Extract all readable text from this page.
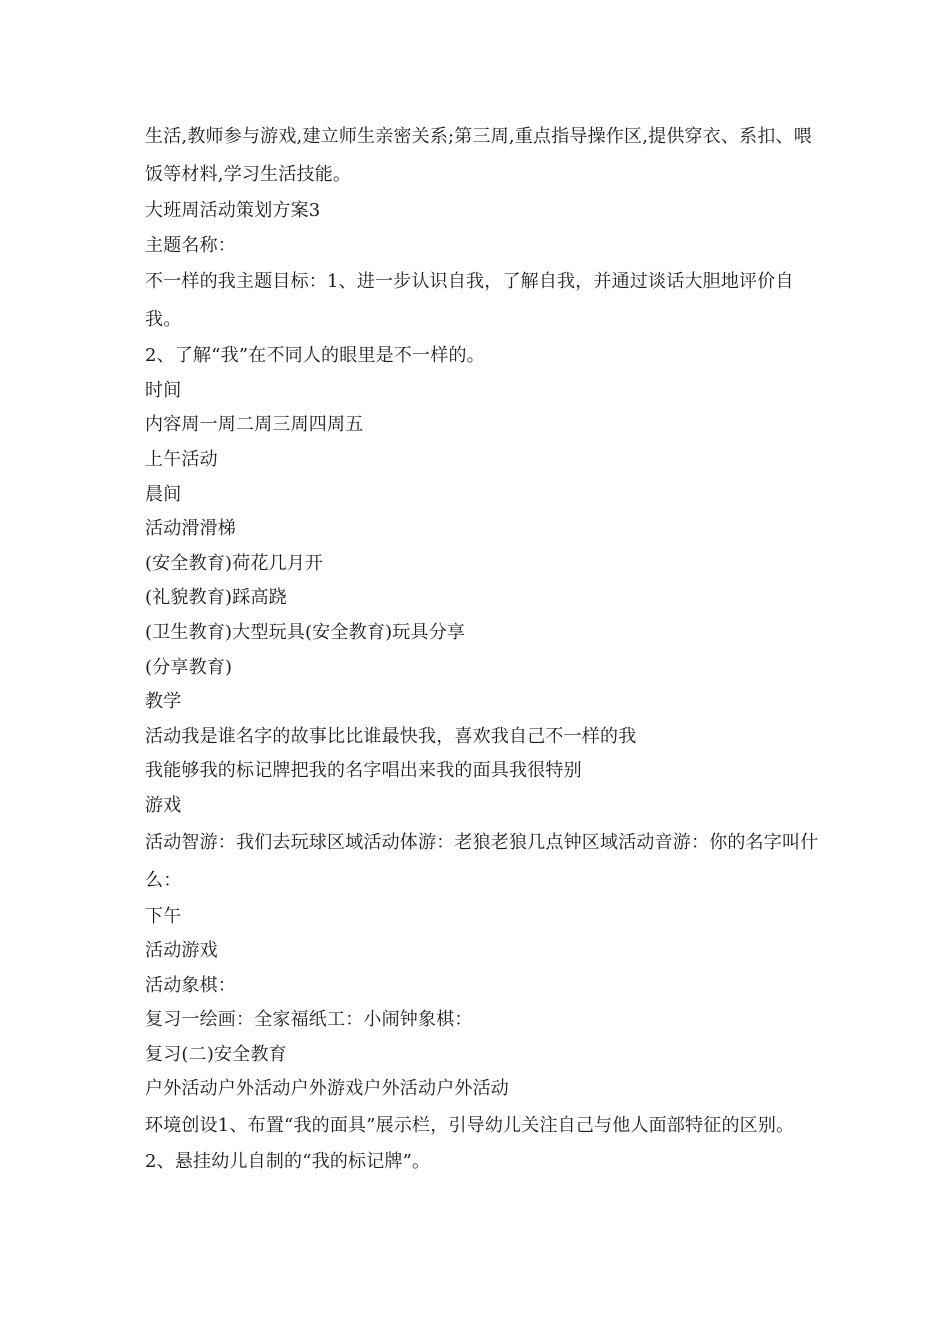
生活,教师参与游戏,建立师生亲密关系;第三周,重点指导操作区,提供穿衣、系扣、喂饭等材料,学习生活技能。

大班周活动策划方案3

主题名称：

不一样的我主题目标：1、进一步认识自我，了解自我，并通过谈话大胆地评价自我。

2、了解“我”在不同人的眼里是不一样的。

时间

内容周一周二周三周四周五

上午活动

晨间

活动滑滑梯

(安全教育)荷花几月开

(礼貌教育)踩高跷

(卫生教育)大型玩具(安全教育)玩具分享

(分享教育)

教学

活动我是谁名字的故事比比谁最快我，喜欢我自己不一样的我

我能够我的标记牌把我的名字唱出来我的面具我很特别

游戏

活动智游：我们去玩球区域活动体游：老狼老狼几点钟区域活动音游：你的名字叫什么：

下午

活动游戏

活动象棋：

复习一绘画：全家福纸工：小闹钟象棋：

复习(二)安全教育

户外活动户外活动户外游戏户外活动户外活动

环境创设1、布置“我的面具”展示栏，引导幼儿关注自己与他人面部特征的区别。

2、悬挂幼儿自制的“我的标记牌”。
